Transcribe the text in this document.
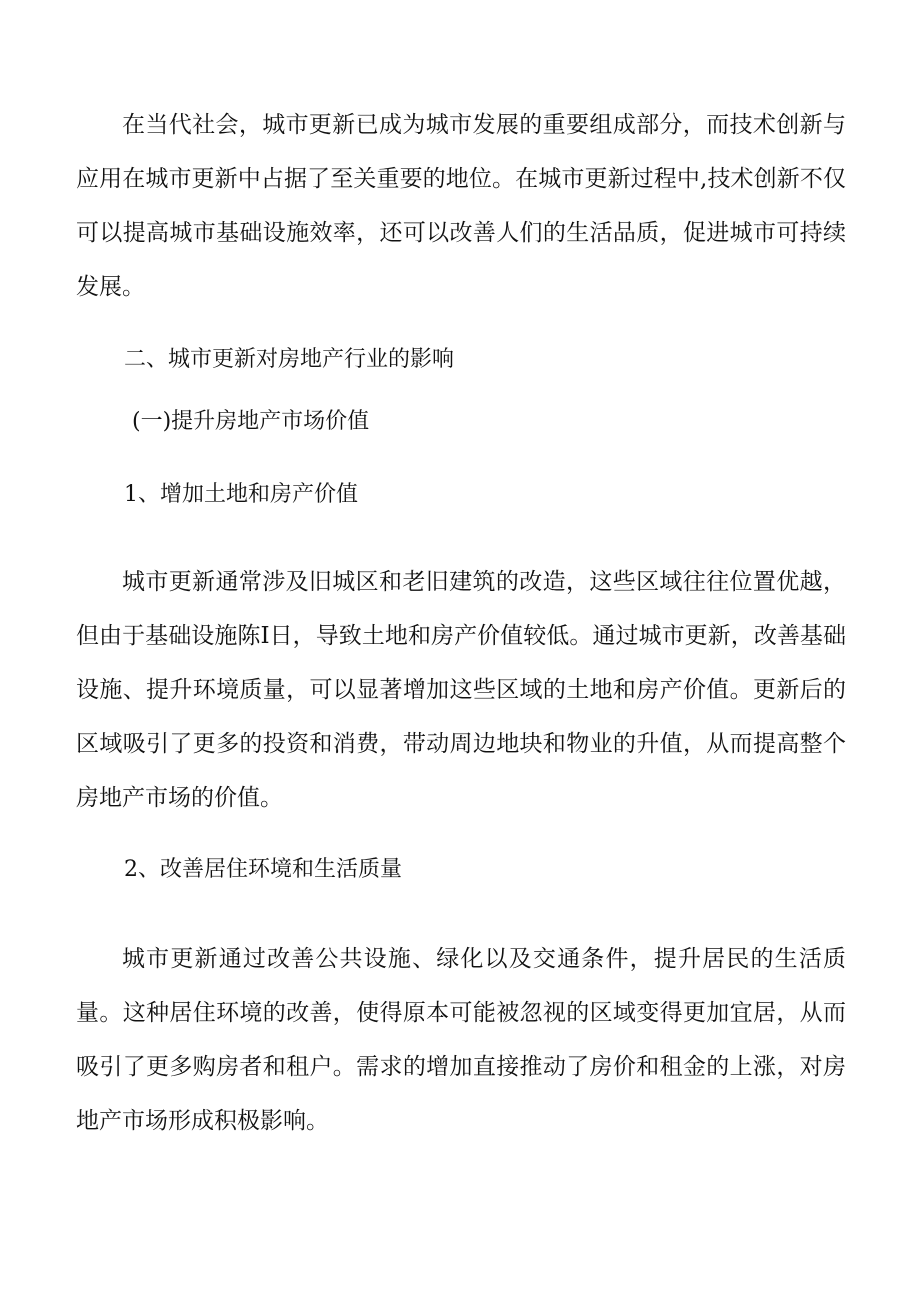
在当代社会，城市更新已成为城市发展的重要组成部分，而技术创新与应用在城市更新中占据了至关重要的地位。在城市更新过程中,技术创新不仅可以提高城市基础设施效率，还可以改善人们的生活品质，促进城市可持续发展。

二、城市更新对房地产行业的影响

(一)提升房地产市场价值

1、增加土地和房产价值

城市更新通常涉及旧城区和老旧建筑的改造，这些区域往往位置优越，但由于基础设施陈I日，导致土地和房产价值较低。通过城市更新，改善基础设施、提升环境质量，可以显著增加这些区域的土地和房产价值。更新后的区域吸引了更多的投资和消费，带动周边地块和物业的升值，从而提高整个房地产市场的价值。

2、改善居住环境和生活质量

城市更新通过改善公共设施、绿化以及交通条件，提升居民的生活质量。这种居住环境的改善，使得原本可能被忽视的区域变得更加宜居，从而吸引了更多购房者和租户。需求的增加直接推动了房价和租金的上涨，对房地产市场形成积极影响。
